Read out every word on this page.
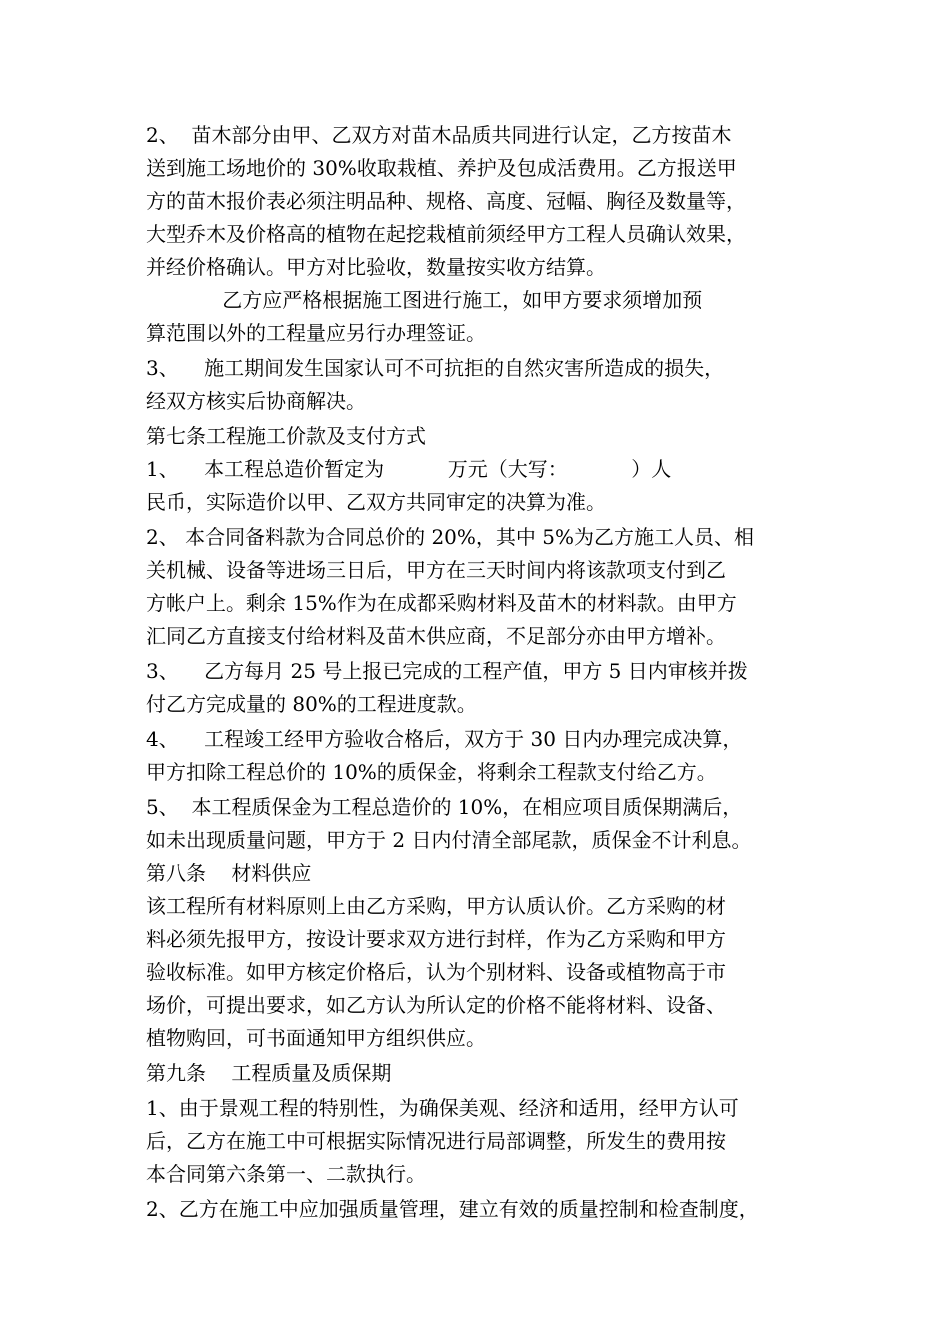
2、  苗木部分由甲、乙双方对苗木品质共同进行认定，乙方按苗木

送到施工场地价的 30%收取栽植、养护及包成活费用。乙方报送甲

方的苗木报价表必须注明品种、规格、高度、冠幅、胸径及数量等，

大型乔木及价格高的植物在起挖栽植前须经甲方工程人员确认效果，

并经价格确认。甲方对比验收，数量按实收方结算。

乙方应严格根据施工图进行施工，如甲方要求须增加预

算范围以外的工程量应另行办理签证。

3、    施工期间发生国家认可不可抗拒的自然灾害所造成的损失，

经双方核实后协商解决。

第七条工程施工价款及支付方式

1、    本工程总造价暂定为          万元（大写：          ）人

民币，实际造价以甲、乙双方共同审定的决算为准。

2、 本合同备料款为合同总价的 20%，其中 5%为乙方施工人员、相

关机械、设备等进场三日后，甲方在三天时间内将该款项支付到乙

方帐户上。剩余 15%作为在成都采购材料及苗木的材料款。由甲方

汇同乙方直接支付给材料及苗木供应商，不足部分亦由甲方增补。

3、    乙方每月 25 号上报已完成的工程产值，甲方 5 日内审核并拨

付乙方完成量的 80%的工程进度款。

4、    工程竣工经甲方验收合格后，双方于 30 日内办理完成决算，

甲方扣除工程总价的 10%的质保金，将剩余工程款支付给乙方。

5、  本工程质保金为工程总造价的 10%，在相应项目质保期满后，

如未出现质量问题，甲方于 2 日内付清全部尾款，质保金不计利息。

第八条    材料供应

该工程所有材料原则上由乙方采购，甲方认质认价。乙方采购的材

料必须先报甲方，按设计要求双方进行封样，作为乙方采购和甲方

验收标准。如甲方核定价格后，认为个别材料、设备或植物高于市

场价，可提出要求，如乙方认为所认定的价格不能将材料、设备、

植物购回，可书面通知甲方组织供应。

第九条    工程质量及质保期

1、由于景观工程的特别性，为确保美观、经济和适用，经甲方认可

后，乙方在施工中可根据实际情况进行局部调整，所发生的费用按

本合同第六条第一、二款执行。

2、乙方在施工中应加强质量管理，建立有效的质量控制和检查制度，
